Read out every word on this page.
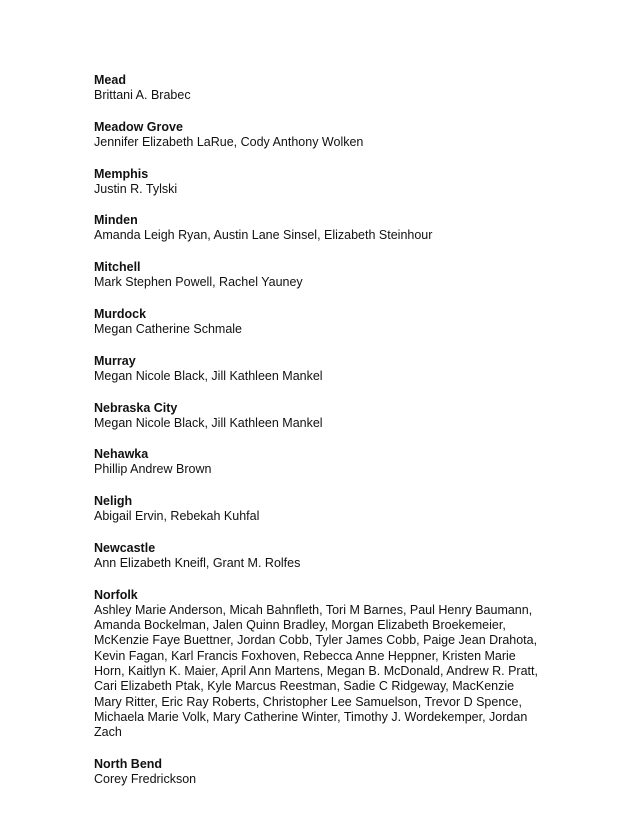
Mead
Brittani A. Brabec
Meadow Grove
Jennifer Elizabeth LaRue, Cody Anthony Wolken
Memphis
Justin R. Tylski
Minden
Amanda Leigh Ryan, Austin Lane Sinsel, Elizabeth Steinhour
Mitchell
Mark Stephen Powell, Rachel Yauney
Murdock
Megan Catherine Schmale
Murray
Megan Nicole Black, Jill Kathleen Mankel
Nebraska City
Megan Nicole Black, Jill Kathleen Mankel
Nehawka
Phillip Andrew Brown
Neligh
Abigail Ervin, Rebekah Kuhfal
Newcastle
Ann Elizabeth Kneifl, Grant M. Rolfes
Norfolk
Ashley Marie Anderson, Micah Bahnfleth, Tori M Barnes, Paul Henry Baumann,
Amanda Bockelman, Jalen Quinn Bradley, Morgan Elizabeth Broekemeier,
McKenzie Faye Buettner, Jordan Cobb, Tyler James Cobb, Paige Jean Drahota,
Kevin Fagan, Karl Francis Foxhoven, Rebecca Anne Heppner, Kristen Marie
Horn, Kaitlyn K. Maier, April Ann Martens, Megan B. McDonald, Andrew R. Pratt,
Cari Elizabeth Ptak, Kyle Marcus Reestman, Sadie C Ridgeway, MacKenzie
Mary Ritter, Eric Ray Roberts, Christopher Lee Samuelson, Trevor D Spence,
Michaela Marie Volk, Mary Catherine Winter, Timothy J. Wordekemper, Jordan
Zach
North Bend
Corey Fredrickson
